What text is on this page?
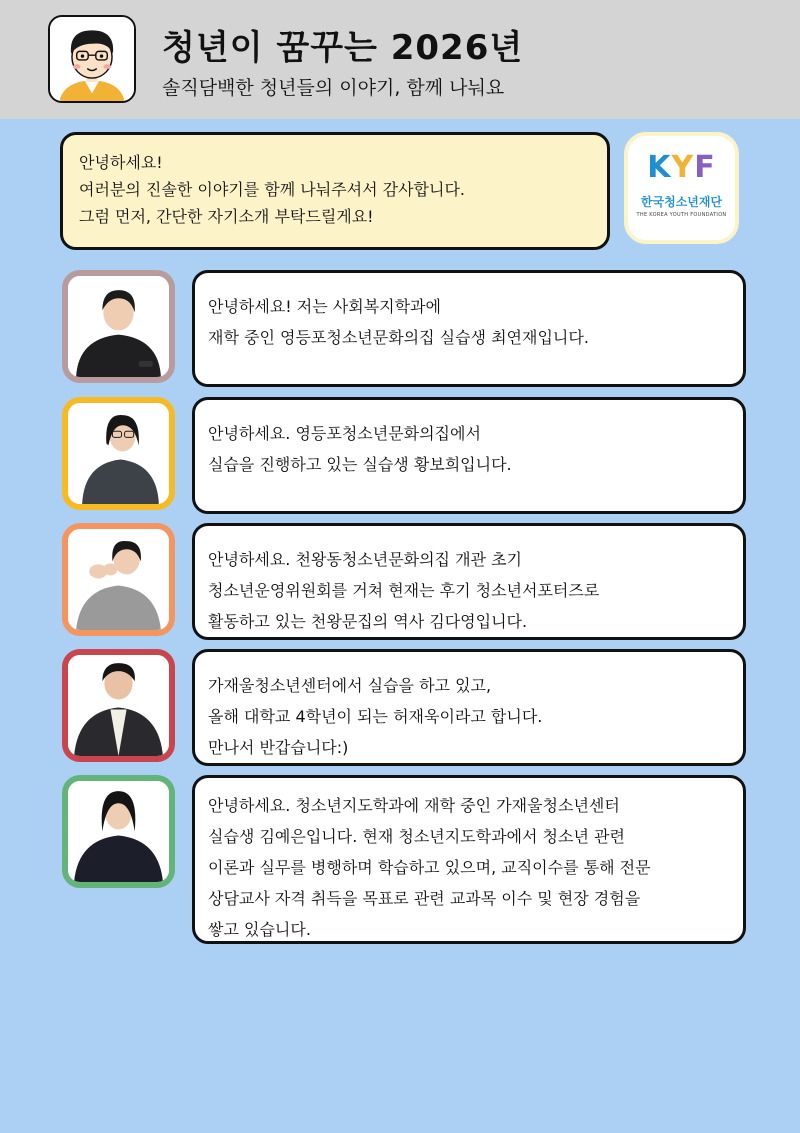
청년이 꿈꾸는 2026년
솔직담백한 청년들의 이야기, 함께 나눠요

안녕하세요!

여러분의 진솔한 이야기를 함께 나눠주셔서 감사합니다.

그럼 먼저, 간단한 자기소개 부탁드릴게요!

KYF
한국청소년재단
THE KOREA YOUTH FOUNDATION

안녕하세요! 저는 사회복지학과에

재학 중인 영등포청소년문화의집 실습생 최연재입니다.

안녕하세요. 영등포청소년문화의집에서

실습을 진행하고 있는 실습생 황보희입니다.

안녕하세요. 천왕동청소년문화의집 개관 초기

청소년운영위원회를 거쳐 현재는 후기 청소년서포터즈로

활동하고 있는 천왕문집의 역사 김다영입니다.

가재울청소년센터에서 실습을 하고 있고,

올해 대학교 4학년이 되는 허재욱이라고 합니다.

만나서 반갑습니다:)

안녕하세요. 청소년지도학과에 재학 중인 가재울청소년센터

실습생 김예은입니다. 현재 청소년지도학과에서 청소년 관련

이론과 실무를 병행하며 학습하고 있으며, 교직이수를 통해 전문

상담교사 자격 취득을 목표로 관련 교과목 이수 및 현장 경험을

쌓고 있습니다.
